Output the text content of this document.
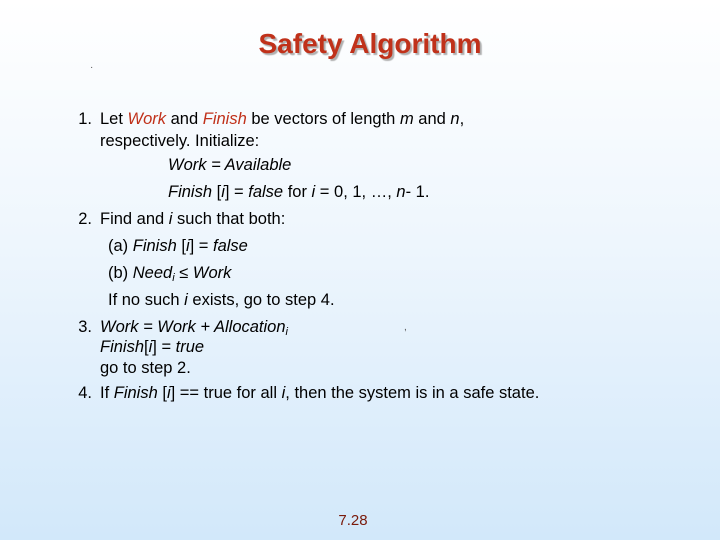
Safety Algorithm
·
1. Let Work and Finish be vectors of length m and n,
respectively. Initialize:
Work = Available
Finish [i] = false for i = 0, 1, …, n- 1.
2. Find and i such that both:
(a) Finish [i] = false
(b) Need$_i$ ≤ Work
If no such i exists, go to step 4.
3. Work = Work + Allocation$_i$	,
Finish[i] = true
go to step 2.
4. If Finish [i] == true for all i, then the system is in a safe state.
7.28
